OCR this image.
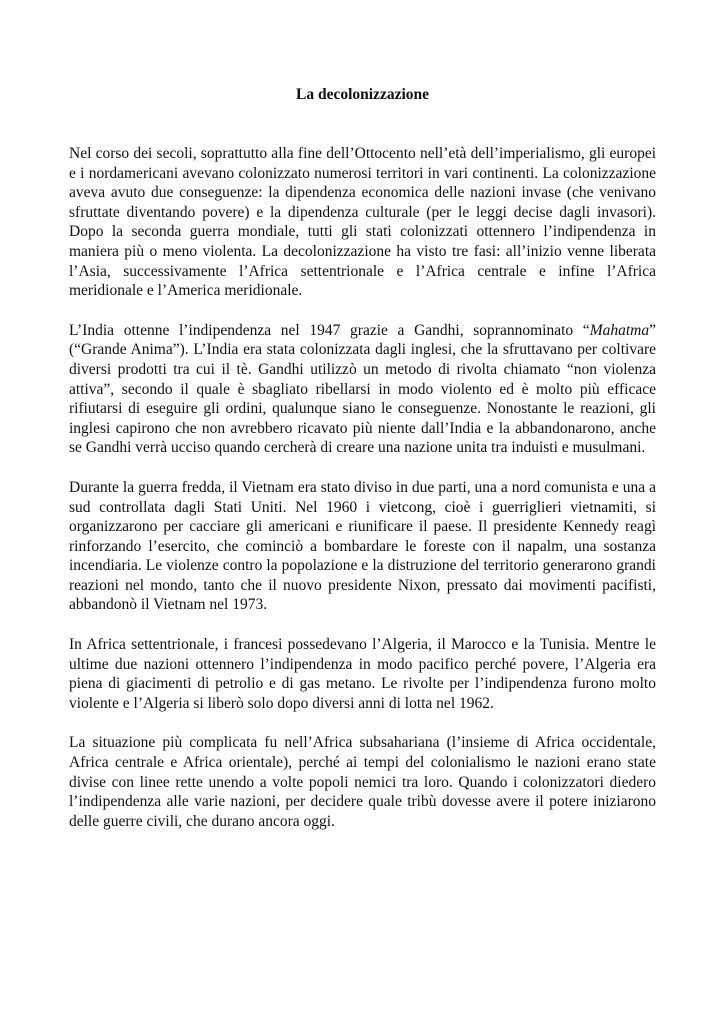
La decolonizzazione

Nel corso dei secoli, soprattutto alla fine dell’Ottocento nell’età dell’imperialismo, gli europei e i nordamericani avevano colonizzato numerosi territori in vari continenti. La colonizzazione aveva avuto due conseguenze: la dipendenza economica delle nazioni invase (che venivano sfruttate diventando povere) e la dipendenza culturale (per le leggi decise dagli invasori). Dopo la seconda guerra mondiale, tutti gli stati colonizzati ottennero l’indipendenza in maniera più o meno violenta. La decolonizzazione ha visto tre fasi: all’inizio venne liberata l’Asia, successivamente l’Africa settentrionale e l’Africa centrale e infine l’Africa meridionale e l’America meridionale.

L’India ottenne l’indipendenza nel 1947 grazie a Gandhi, soprannominato “Mahatma” (“Grande Anima”). L’India era stata colonizzata dagli inglesi, che la sfruttavano per coltivare diversi prodotti tra cui il tè. Gandhi utilizzò un metodo di rivolta chiamato “non violenza attiva”, secondo il quale è sbagliato ribellarsi in modo violento ed è molto più efficace rifiutarsi di eseguire gli ordini, qualunque siano le conseguenze. Nonostante le reazioni, gli inglesi capirono che non avrebbero ricavato più niente dall’India e la abbandonarono, anche se Gandhi verrà ucciso quando cercherà di creare una nazione unita tra induisti e musulmani.

Durante la guerra fredda, il Vietnam era stato diviso in due parti, una a nord comunista e una a sud controllata dagli Stati Uniti. Nel 1960 i vietcong, cioè i guerriglieri vietnamiti, si organizzarono per cacciare gli americani e riunificare il paese. Il presidente Kennedy reagì rinforzando l’esercito, che cominciò a bombardare le foreste con il napalm, una sostanza incendiaria. Le violenze contro la popolazione e la distruzione del territorio generarono grandi reazioni nel mondo, tanto che il nuovo presidente Nixon, pressato dai movimenti pacifisti, abbandonò il Vietnam nel 1973.

In Africa settentrionale, i francesi possedevano l’Algeria, il Marocco e la Tunisia. Mentre le ultime due nazioni ottennero l’indipendenza in modo pacifico perché povere, l’Algeria era piena di giacimenti di petrolio e di gas metano. Le rivolte per l’indipendenza furono molto violente e l’Algeria si liberò solo dopo diversi anni di lotta nel 1962.

La situazione più complicata fu nell’Africa subsahariana (l’insieme di Africa occidentale, Africa centrale e Africa orientale), perché ai tempi del colonialismo le nazioni erano state divise con linee rette unendo a volte popoli nemici tra loro. Quando i colonizzatori diedero l’indipendenza alle varie nazioni, per decidere quale tribù dovesse avere il potere iniziarono delle guerre civili, che durano ancora oggi.
